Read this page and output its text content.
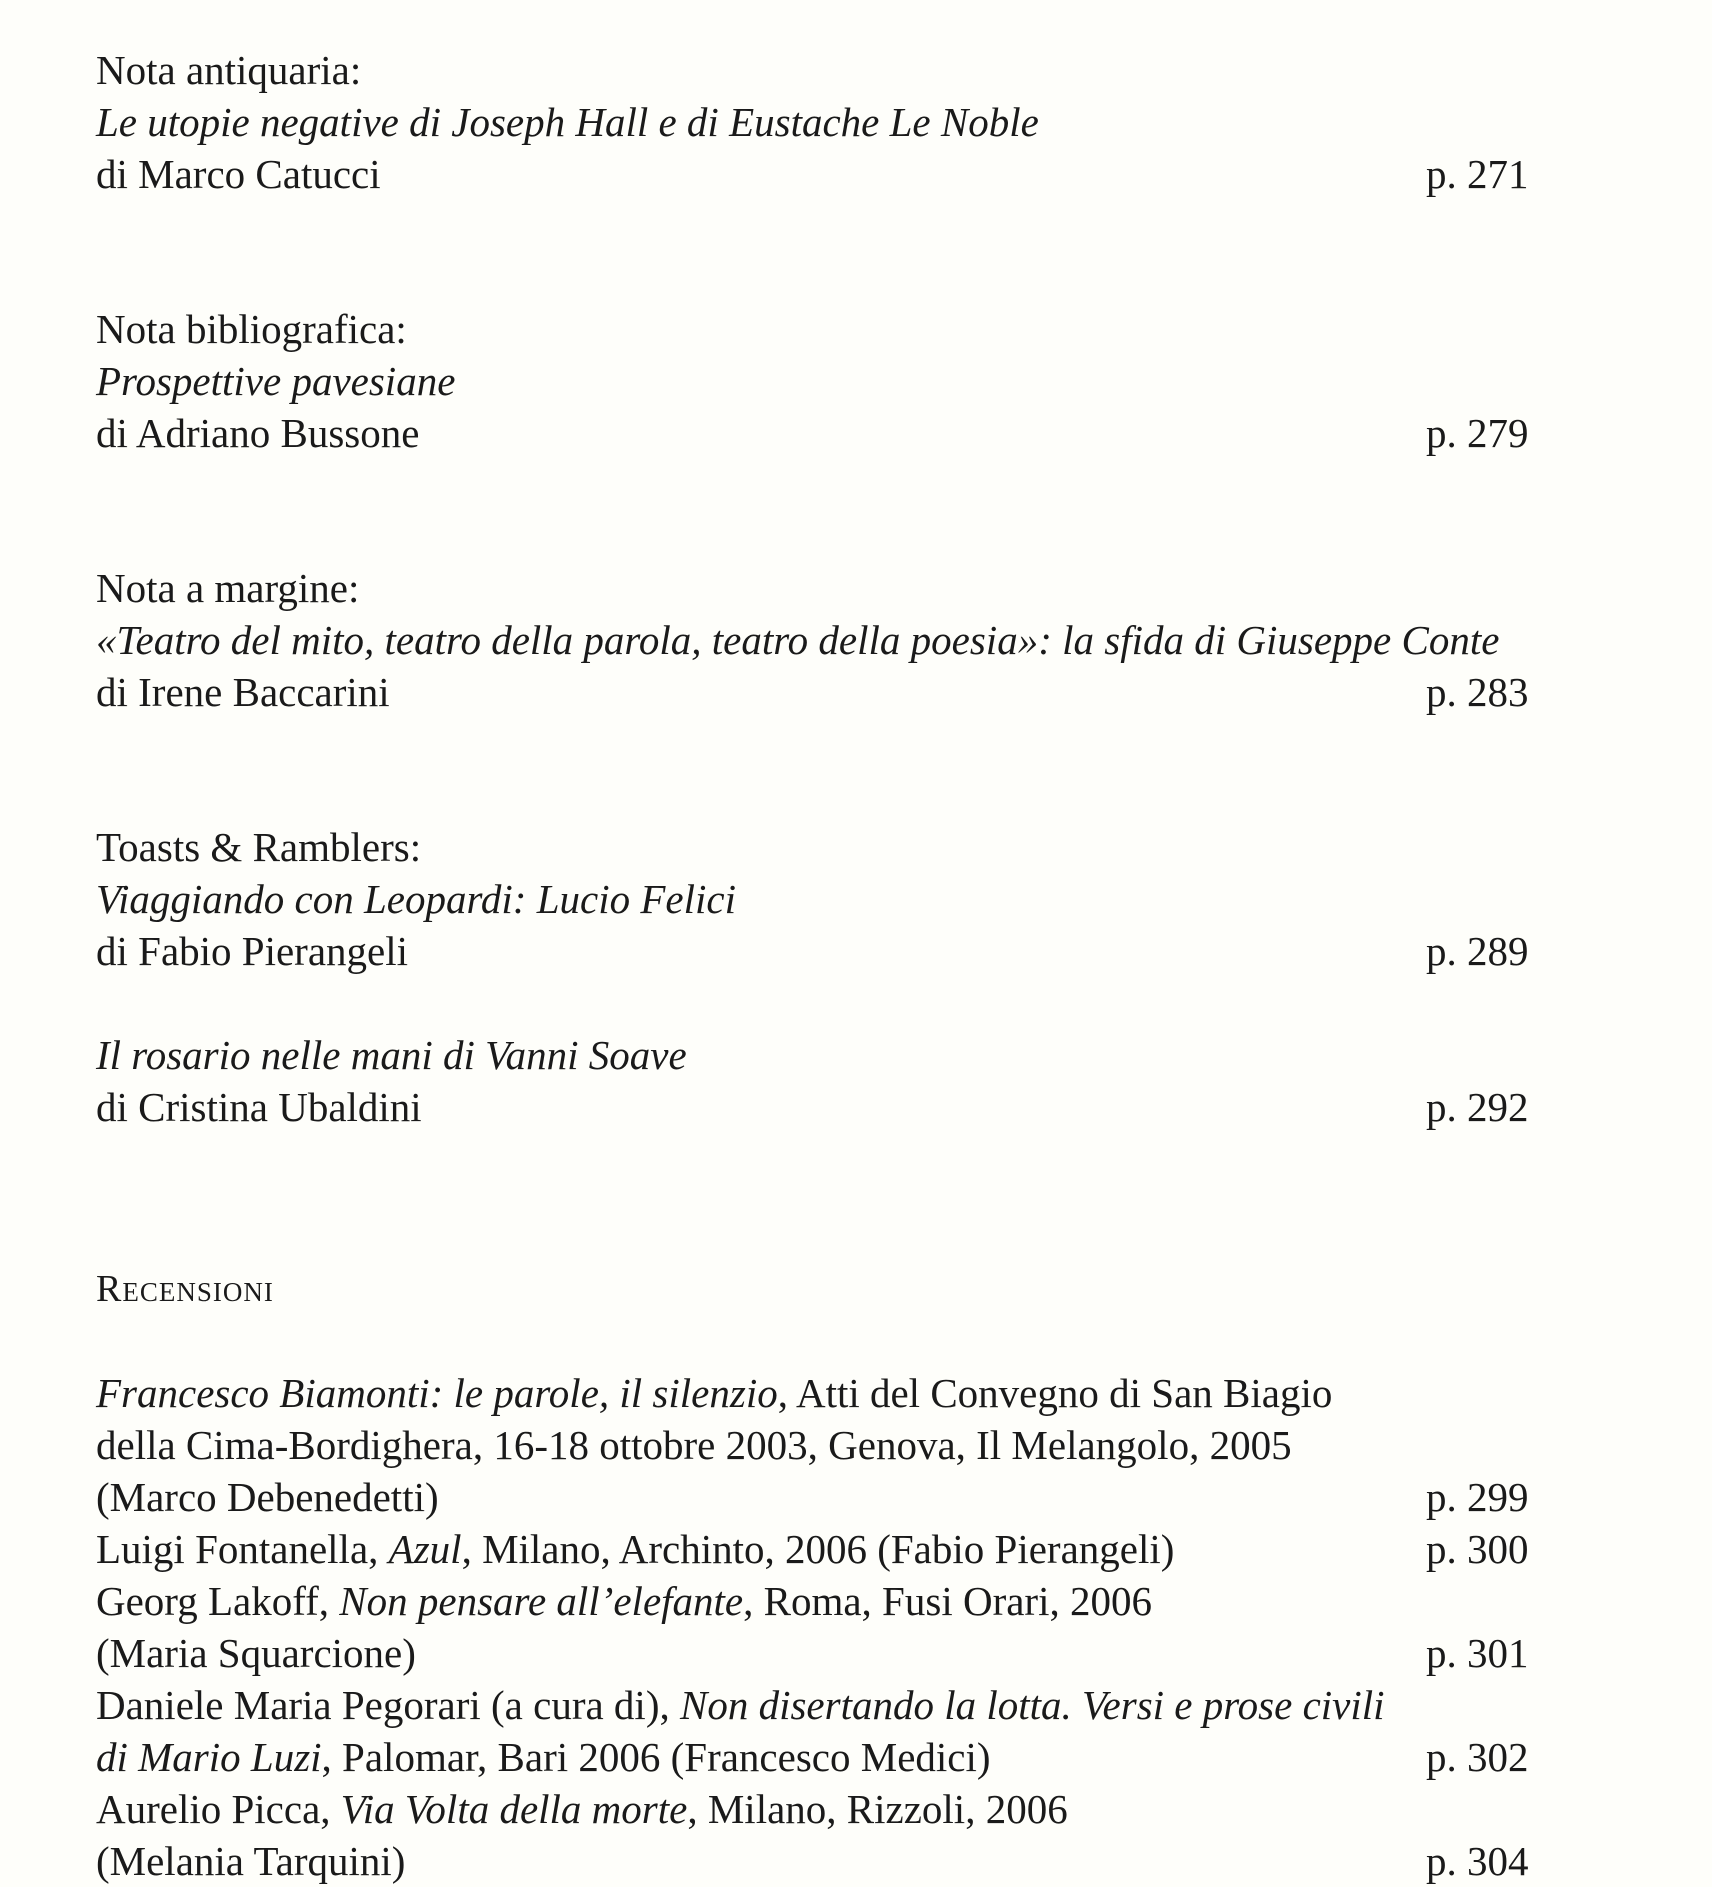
Nota antiquaria:
Le utopie negative di Joseph Hall e di Eustache Le Noble
di Marco Catucci	p. 271
Nota bibliografica:
Prospettive pavesiane
di Adriano Bussone	p. 279
Nota a margine:
«Teatro del mito, teatro della parola, teatro della poesia»: la sfida di Giuseppe Conte
di Irene Baccarini	p. 283
Toasts & Ramblers:
Viaggiando con Leopardi: Lucio Felici
di Fabio Pierangeli	p. 289
Il rosario nelle mani di Vanni Soave
di Cristina Ubaldini	p. 292
Recensioni
Francesco Biamonti: le parole, il silenzio, Atti del Convegno di San Biagio
della Cima-Bordighera, 16-18 ottobre 2003, Genova, Il Melangolo, 2005
(Marco Debenedetti)	p. 299
Luigi Fontanella, Azul, Milano, Archinto, 2006 (Fabio Pierangeli)	p. 300
Georg Lakoff, Non pensare all’elefante, Roma, Fusi Orari, 2006
(Maria Squarcione)	p. 301
Daniele Maria Pegorari (a cura di), Non disertando la lotta. Versi e prose civili
di Mario Luzi, Palomar, Bari 2006 (Francesco Medici)	p. 302
Aurelio Picca, Via Volta della morte, Milano, Rizzoli, 2006
(Melania Tarquini)	p. 304
